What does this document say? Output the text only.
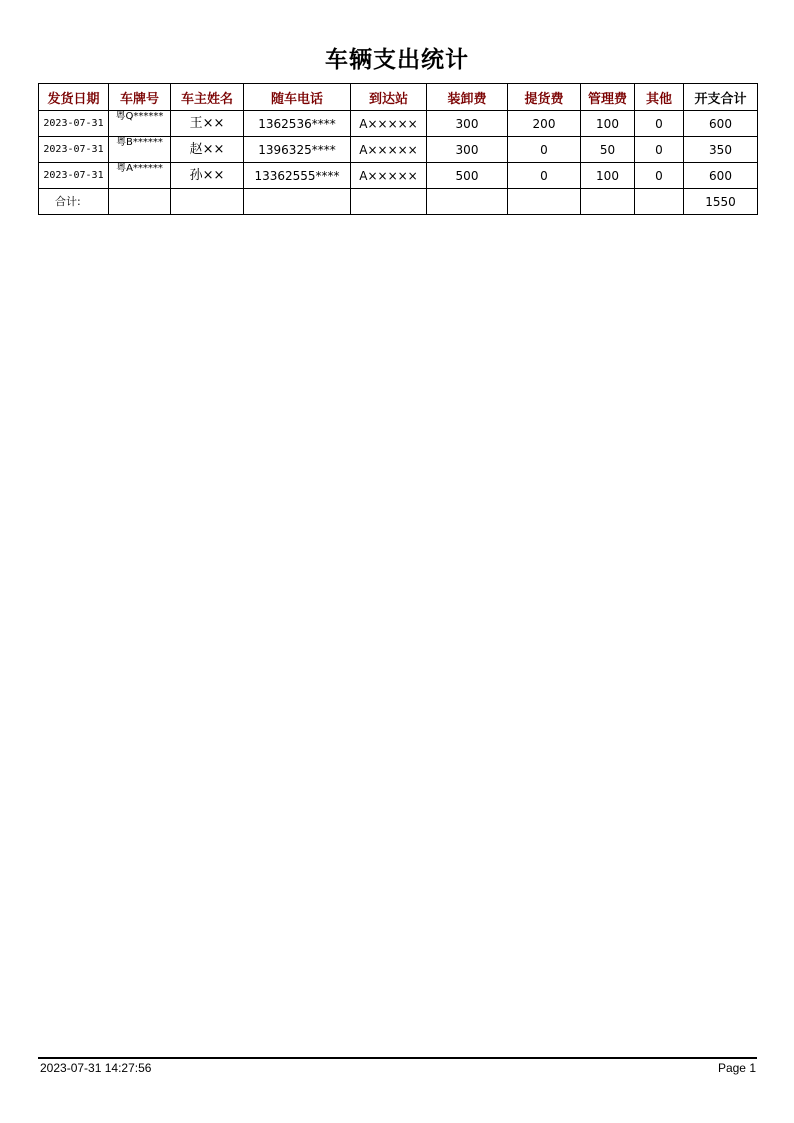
车辆支出统计
发货日期	车牌号	车主姓名	随车电话	到达站	装卸费	提货费	管理费	其他	开支合计
2023-07-31	粤Q******	王××	1362536****	A×××××	300	200	100	0	600
2023-07-31	粤B******	赵××	1396325****	A×××××	300	0	50	0	350
2023-07-31	粤A******	孙××	13362555****	A×××××	500	0	100	0	600
合计:									1550
2023-07-31 14:27:56	Page 1
